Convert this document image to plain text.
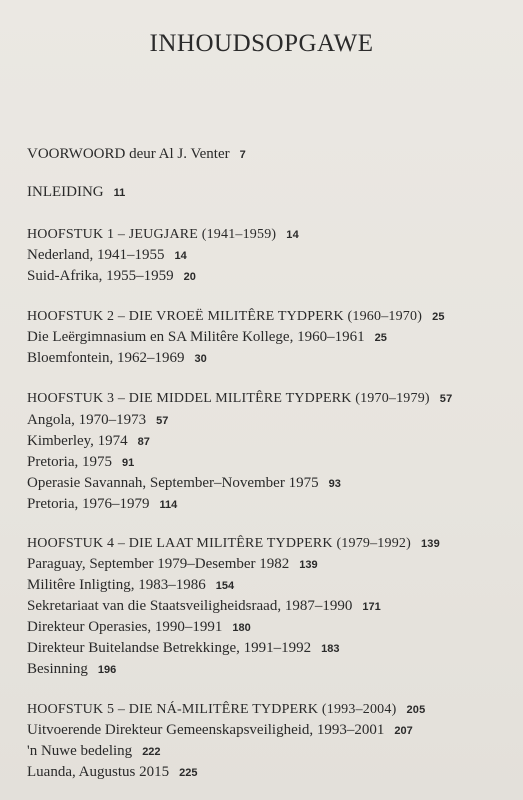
INHOUDSOPGAWE
VOORWOORD deur Al J. Venter 7
INLEIDING 11
HOOFSTUK 1 – JEUGJARE (1941–1959) 14
Nederland, 1941–1955 14
Suid-Afrika, 1955–1959 20
HOOFSTUK 2 – DIE VROEË MILITÊRE TYDPERK (1960–1970) 25
Die Leërgimnasium en SA Militêre Kollege, 1960–1961 25
Bloemfontein, 1962–1969 30
HOOFSTUK 3 – DIE MIDDEL MILITÊRE TYDPERK (1970–1979) 57
Angola, 1970–1973 57
Kimberley, 1974 87
Pretoria, 1975 91
Operasie Savannah, September–November 1975 93
Pretoria, 1976–1979 114
HOOFSTUK 4 – DIE LAAT MILITÊRE TYDPERK (1979–1992) 139
Paraguay, September 1979–Desember 1982 139
Militêre Inligting, 1983–1986 154
Sekretariaat van die Staatsveiligheidsraad, 1987–1990 171
Direkteur Operasies, 1990–1991 180
Direkteur Buitelandse Betrekkinge, 1991–1992 183
Besinning 196
HOOFSTUK 5 – DIE NÁ-MILITÊRE TYDPERK (1993–2004) 205
Uitvoerende Direkteur Gemeenskapsveiligheid, 1993–2001 207
'n Nuwe bedeling 222
Luanda, Augustus 2015 225
